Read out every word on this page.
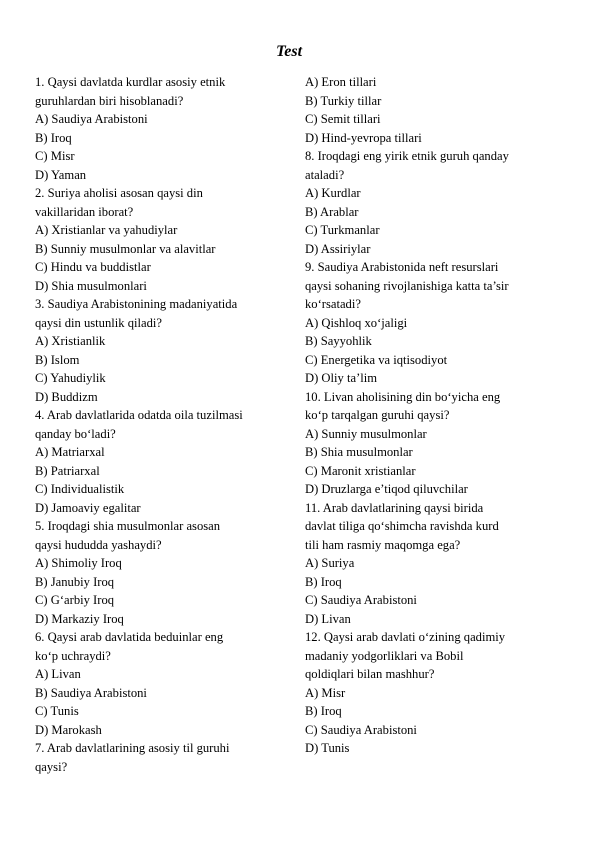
Test
1. Qaysi davlatda kurdlar asosiy etnik
guruhlardan biri hisoblanadi?
A) Saudiya Arabistoni
B) Iroq
C) Misr
D) Yaman
2. Suriya aholisi asosan qaysi din
vakillaridan iborat?
A) Xristianlar va yahudiylar
B) Sunniy musulmonlar va alavitlar
C) Hindu va buddistlar
D) Shia musulmonlari
3. Saudiya Arabistonining madaniyatida
qaysi din ustunlik qiladi?
A) Xristianlik
B) Islom
C) Yahudiylik
D) Buddizm
4. Arab davlatlarida odatda oila tuzilmasi
qanday bo‘ladi?
A) Matriarxal
B) Patriarxal
C) Individualistik
D) Jamoaviy egalitar
5. Iroqdagi shia musulmonlar asosan
qaysi hududda yashaydi?
A) Shimoliy Iroq
B) Janubiy Iroq
C) G‘arbiy Iroq
D) Markaziy Iroq
6. Qaysi arab davlatida beduinlar eng
ko‘p uchraydi?
A) Livan
B) Saudiya Arabistoni
C) Tunis
D) Marokash
7. Arab davlatlarining asosiy til guruhi
qaysi?
A) Eron tillari
B) Turkiy tillar
C) Semit tillari
D) Hind-yevropa tillari
8. Iroqdagi eng yirik etnik guruh qanday
ataladi?
A) Kurdlar
B) Arablar
C) Turkmanlar
D) Assiriylar
9. Saudiya Arabistonida neft resurslari
qaysi sohaning rivojlanishiga katta ta’sir
ko‘rsatadi?
A) Qishloq xo‘jaligi
B) Sayyohlik
C) Energetika va iqtisodiyot
D) Oliy ta’lim
10. Livan aholisining din bo‘yicha eng
ko‘p tarqalgan guruhi qaysi?
A) Sunniy musulmonlar
B) Shia musulmonlar
C) Maronit xristianlar
D) Druzlarga e’tiqod qiluvchilar
11. Arab davlatlarining qaysi birida
davlat tiliga qo‘shimcha ravishda kurd
tili ham rasmiy maqomga ega?
A) Suriya
B) Iroq
C) Saudiya Arabistoni
D) Livan
12. Qaysi arab davlati o‘zining qadimiy
madaniy yodgorliklari va Bobil
qoldiqlari bilan mashhur?
A) Misr
B) Iroq
C) Saudiya Arabistoni
D) Tunis
